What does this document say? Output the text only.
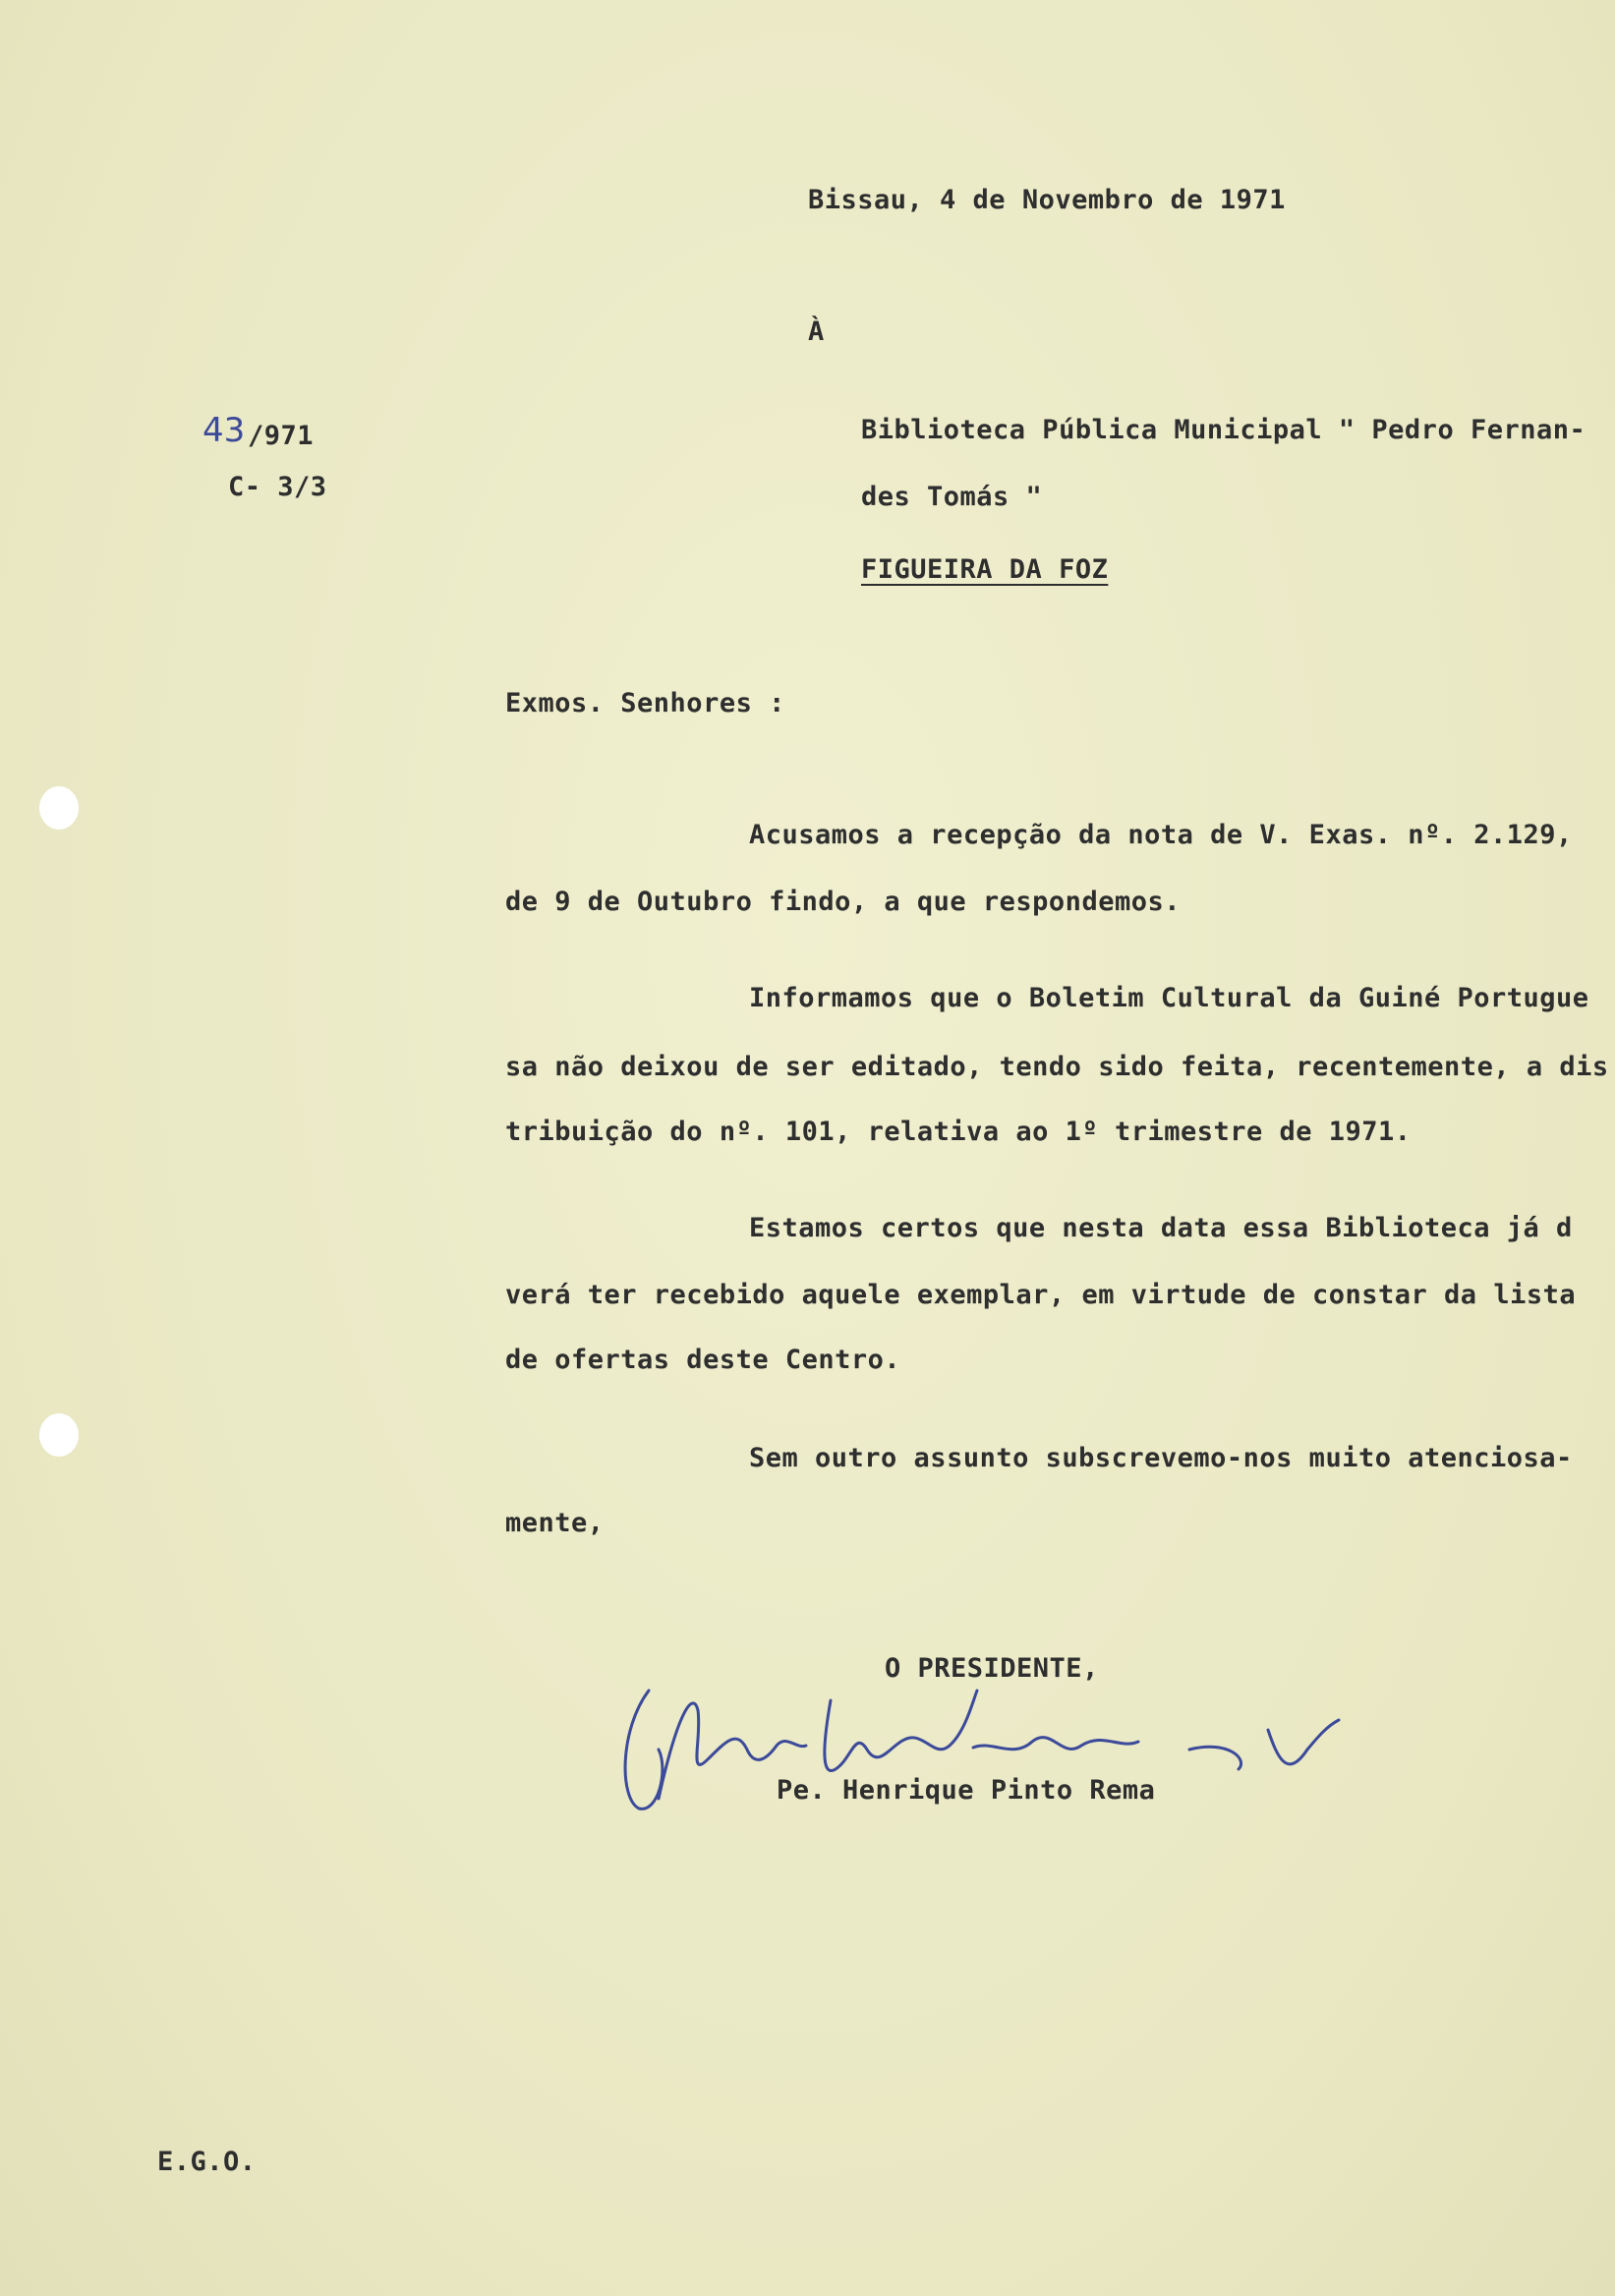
Bissau, 4 de Novembro de 1971
À
43 /971
C- 3/3
Biblioteca Pública Municipal " Pedro Fernan-
des Tomás "
FIGUEIRA DA FOZ
Exmos. Senhores :
Acusamos a recepção da nota de V. Exas. nº. 2.129,
de 9 de Outubro findo, a que respondemos.
Informamos que o Boletim Cultural da Guiné Portugue
sa não deixou de ser editado, tendo sido feita, recentemente, a dis
tribuição do nº. 101, relativa ao 1º trimestre de 1971.
Estamos certos que nesta data essa Biblioteca já d
verá ter recebido aquele exemplar, em virtude de constar da lista
de ofertas deste Centro.
Sem outro assunto subscrevemo-nos muito atenciosa-
mente,
O PRESIDENTE,
Pe. Henrique Pinto Rema
E.G.O.
